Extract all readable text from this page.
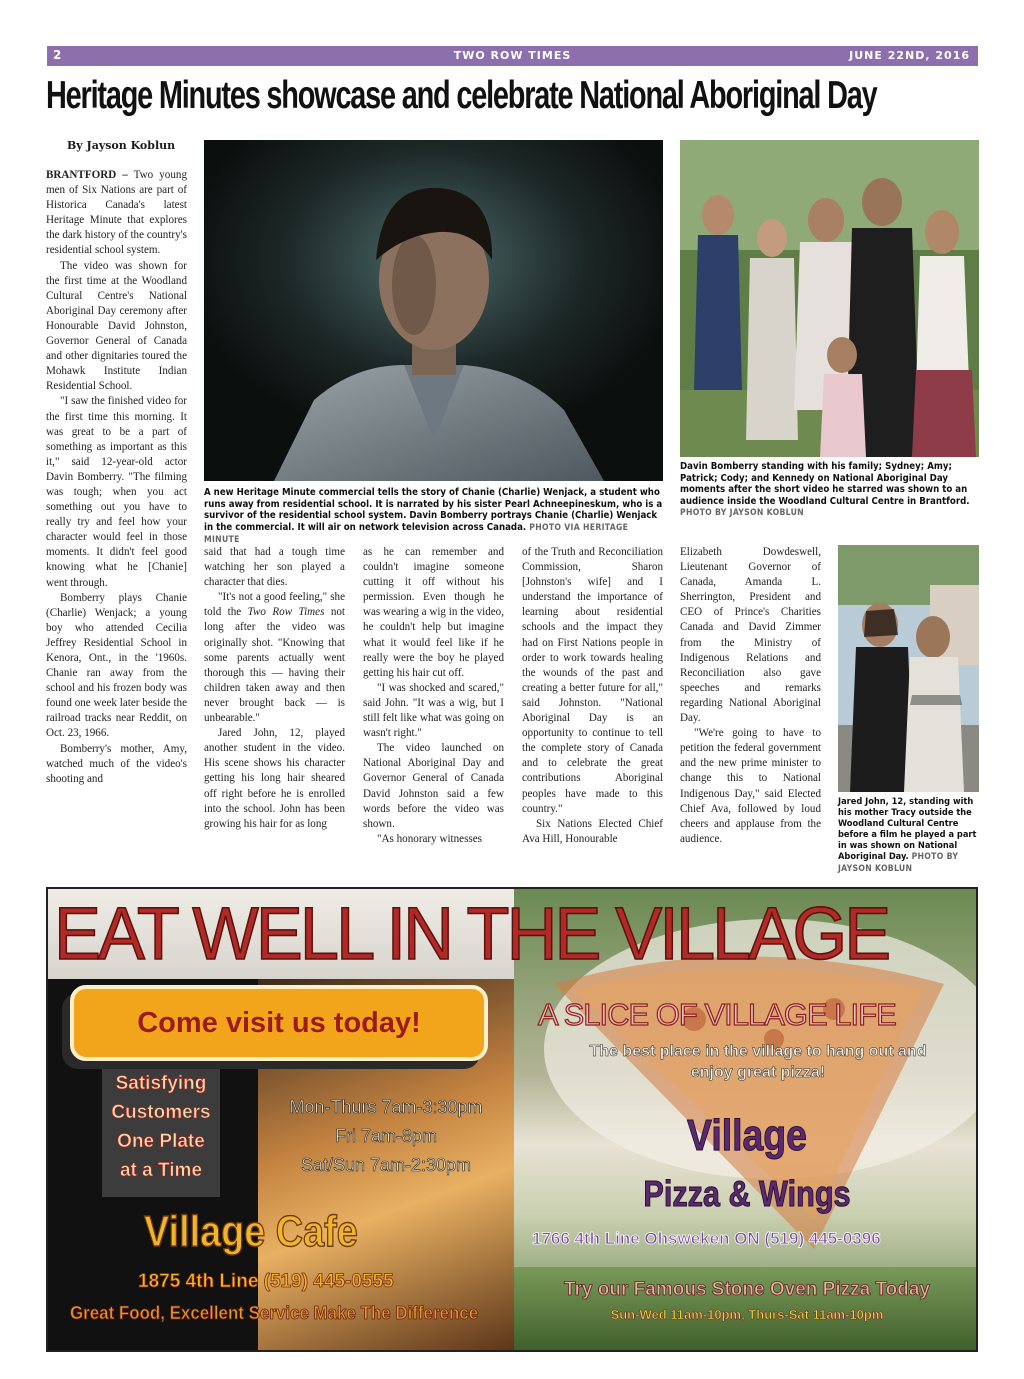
2	TWO ROW TIMES	JUNE 22ND, 2016
Heritage Minutes showcase and celebrate National Aboriginal Day
By Jayson Koblun

BRANTFORD – Two young men of Six Nations are part of Historica Canada's latest Heritage Minute that explores the dark history of the country's residential school system.

The video was shown for the first time at the Woodland Cultural Centre's National Aboriginal Day ceremony after Honourable David Johnston, Governor General of Canada and other dignitaries toured the Mohawk Institute Indian Residential School.

"I saw the finished video for the first time this morning. It was great to be a part of something as important as this it," said 12-year-old actor Davin Bomberry. "The filming was tough; when you act something out you have to really try and feel how your character would feel in those moments. It didn't feel good knowing what he [Chanie] went through.

Bomberry plays Chanie (Charlie) Wenjack; a young boy who attended Cecilia Jeffrey Residential School in Kenora, Ont., in the '1960s. Chanie ran away from the school and his frozen body was found one week later beside the railroad tracks near Reddit, on Oct. 23, 1966.

Bomberry's mother, Amy, watched much of the video's shooting and

A new Heritage Minute commercial tells the story of Chanie (Charlie) Wenjack, a student who runs away from residential school. It is narrated by his sister Pearl Achneepineskum, who is a survivor of the residential school system. Davin Bomberry portrays Chanie (Charlie) Wenjack in the commercial. It will air on network television across Canada. PHOTO VIA HERITAGE MINUTE
Davin Bomberry standing with his family; Sydney; Amy; Patrick; Cody; and Kennedy on National Aboriginal Day moments after the short video he starred was shown to an audience inside the Woodland Cultural Centre in Brantford. PHOTO BY JAYSON KOBLUN

said that had a tough time watching her son played a character that dies.

"It's not a good feeling," she told the Two Row Times not long after the video was originally shot. "Knowing that some parents actually went thorough this — having their children taken away and then never brought back — is unbearable."

Jared John, 12, played another student in the video. His scene shows his character getting his long hair sheared off right before he is enrolled into the school. John has been growing his hair for as long

as he can remember and couldn't imagine someone cutting it off without his permission. Even though he was wearing a wig in the video, he couldn't help but imagine what it would feel like if he really were the boy he played getting his hair cut off.

"I was shocked and scared," said John. "It was a wig, but I still felt like what was going on wasn't right."

The video launched on National Aboriginal Day and Governor General of Canada David Johnston said a few words before the video was shown.

"As honorary witnesses

of the Truth and Reconciliation Commission, Sharon [Johnston's wife] and I understand the importance of learning about residential schools and the impact they had on First Nations people in order to work towards healing the wounds of the past and creating a better future for all," said Johnston. "National Aboriginal Day is an opportunity to continue to tell the complete story of Canada and to celebrate the great contributions Aboriginal peoples have made to this country."

Six Nations Elected Chief Ava Hill, Honourable

Elizabeth Dowdeswell, Lieutenant Governor of Canada, Amanda L. Sherrington, President and CEO of Prince's Charities Canada and David Zimmer from the Ministry of Indigenous Relations and Reconciliation also gave speeches and remarks regarding National Aboriginal Day.

"We're going to have to petition the federal government and the new prime minister to change this to National Indigenous Day," said Elected Chief Ava, followed by loud cheers and applause from the audience.

Jared John, 12, standing with his mother Tracy outside the Woodland Cultural Centre before a film he played a part in was shown on National Aboriginal Day. PHOTO BY JAYSON KOBLUN
EAT WELL IN THE VILLAGE
Come visit us today!
Satisfying
Customers
One Plate
at a Time
Mon-Thurs 7am-3:30pm
Fri 7am-8pm
Sat/Sun 7am-2:30pm
Village Cafe
1875 4th Line (519) 445-0555
Great Food, Excellent Service Make The Difference
A SLICE OF VILLAGE LIFE
The best place in the village to hang out and enjoy great pizza!
Village
Pizza & Wings
1766 4th Line Ohsweken ON (519) 445-0396
Try our Famous Stone Oven Pizza Today
Sun-Wed 11am-10pm, Thurs-Sat 11am-10pm
